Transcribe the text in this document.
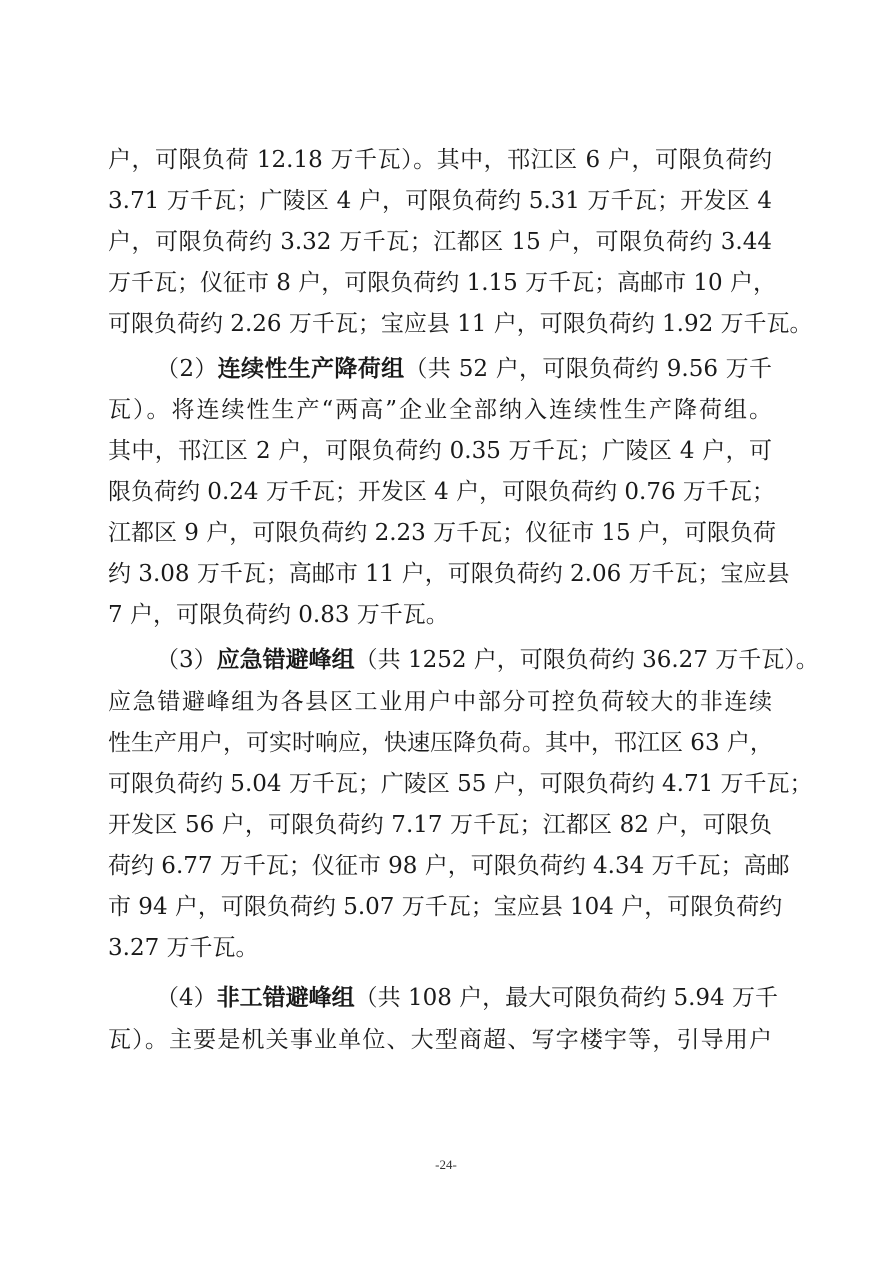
户，可限负荷 12.18 万千瓦）。其中，邗江区 6 户，可限负荷约
3.71 万千瓦；广陵区 4 户，可限负荷约 5.31 万千瓦；开发区 4
户，可限负荷约 3.32 万千瓦；江都区 15 户，可限负荷约 3.44
万千瓦；仪征市 8 户，可限负荷约 1.15 万千瓦；高邮市 10 户，
可限负荷约 2.26 万千瓦；宝应县 11 户，可限负荷约 1.92 万千瓦。
（2）连续性生产降荷组（共 52 户，可限负荷约 9.56 万千
瓦）。将连续性生产“两高”企业全部纳入连续性生产降荷组。
其中，邗江区 2 户，可限负荷约 0.35 万千瓦；广陵区 4 户，可
限负荷约 0.24 万千瓦；开发区 4 户，可限负荷约 0.76 万千瓦；
江都区 9 户，可限负荷约 2.23 万千瓦；仪征市 15 户，可限负荷
约 3.08 万千瓦；高邮市 11 户，可限负荷约 2.06 万千瓦；宝应县
7 户，可限负荷约 0.83 万千瓦。
（3）应急错避峰组（共 1252 户，可限负荷约 36.27 万千瓦）。
应急错避峰组为各县区工业用户中部分可控负荷较大的非连续
性生产用户，可实时响应，快速压降负荷。其中，邗江区 63 户，
可限负荷约 5.04 万千瓦；广陵区 55 户，可限负荷约 4.71 万千瓦；
开发区 56 户，可限负荷约 7.17 万千瓦；江都区 82 户，可限负
荷约 6.77 万千瓦；仪征市 98 户，可限负荷约 4.34 万千瓦；高邮
市 94 户，可限负荷约 5.07 万千瓦；宝应县 104 户，可限负荷约
3.27 万千瓦。
（4）非工错避峰组（共 108 户，最大可限负荷约 5.94 万千
瓦）。主要是机关事业单位、大型商超、写字楼宇等，引导用户
-24-
